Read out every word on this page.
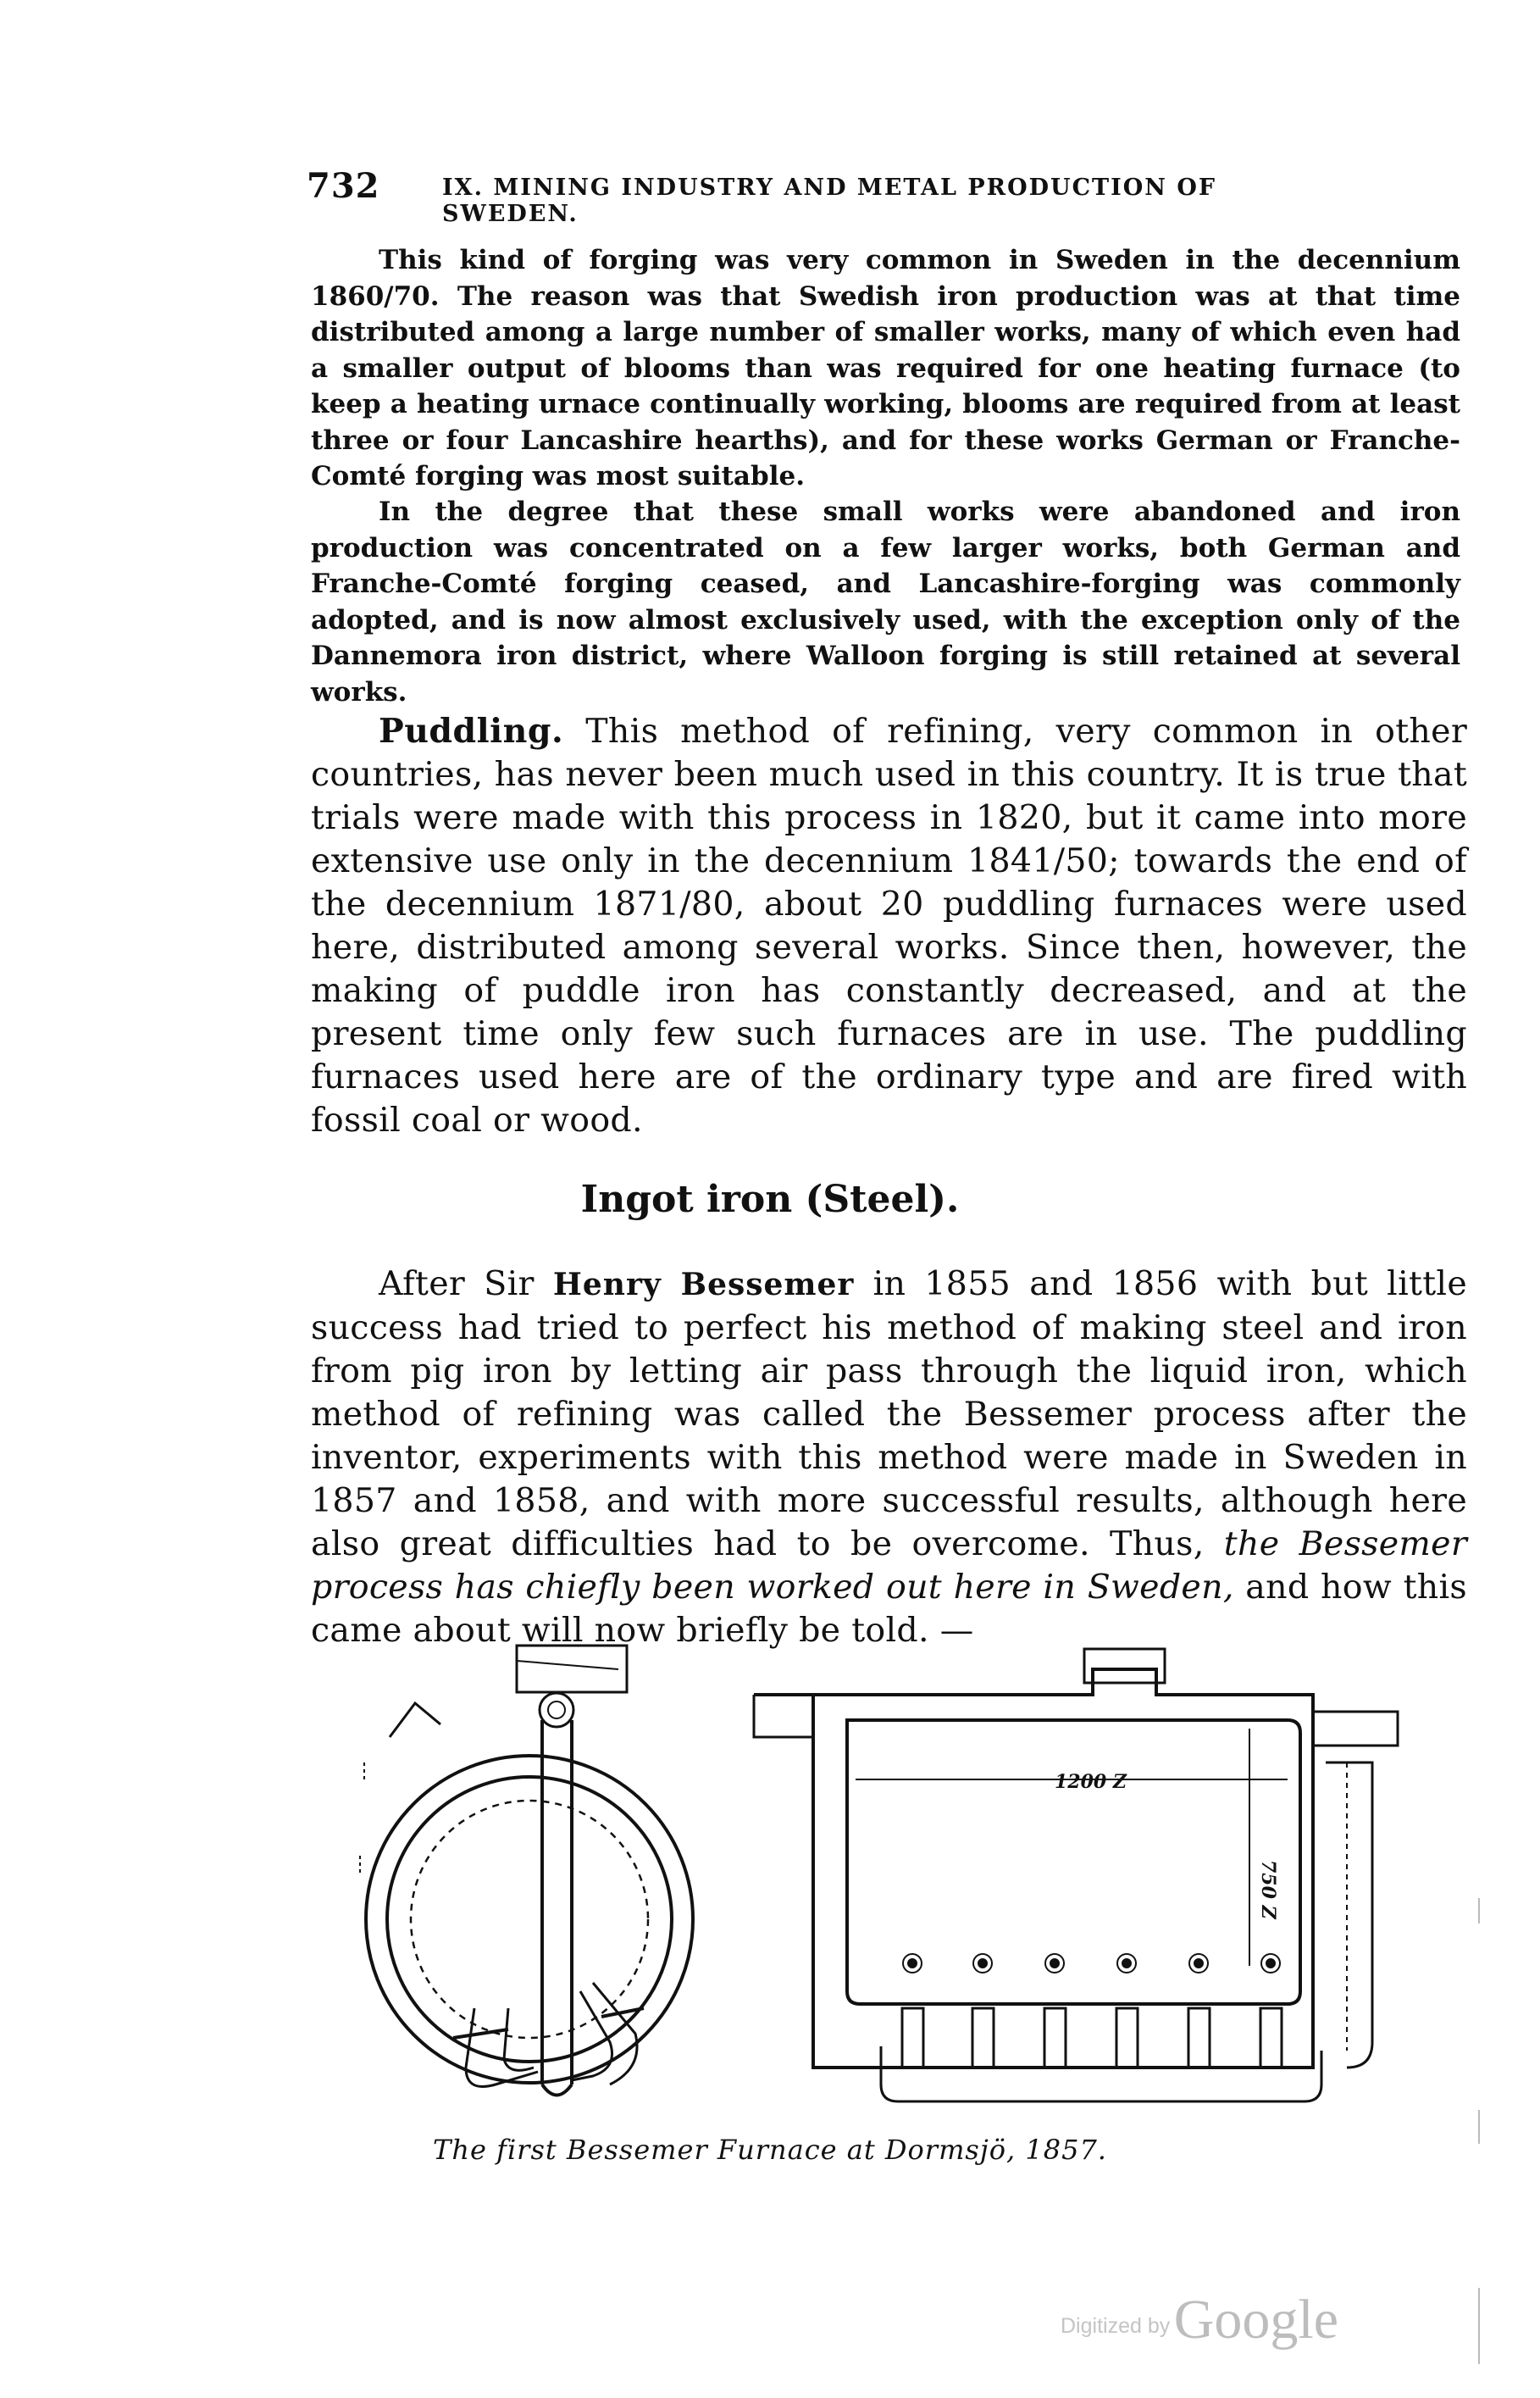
732	IX. MINING INDUSTRY AND METAL PRODUCTION OF SWEDEN.

This kind of forging was very common in Sweden in the decennium 1860/70. The reason was that Swedish iron production was at that time distributed among a large number of smaller works, many of which even had a smaller output of blooms than was required for one heating furnace (to keep a heating urnace continually working, blooms are required from at least three or four Lancashire hearths), and for these works German or Franche-Comté forging was most suitable.

In the degree that these small works were abandoned and iron production was concentrated on a few larger works, both German and Franche-Comté forging ceased, and Lancashire-forging was commonly adopted, and is now almost exclusively used, with the exception only of the Dannemora iron district, where Walloon forging is still retained at several works.

Puddling. This method of refining, very common in other countries, has never been much used in this country. It is true that trials were made with this process in 1820, but it came into more extensive use only in the decennium 1841/50; towards the end of the decennium 1871/80, about 20 puddling furnaces were used here, distributed among several works. Since then, however, the making of puddle iron has constantly decreased, and at the present time only few such furnaces are in use. The puddling furnaces used here are of the ordinary type and are fired with fossil coal or wood.

Ingot iron (Steel).

After Sir Henry Bessemer in 1855 and 1856 with but little success had tried to perfect his method of making steel and iron from pig iron by letting air pass through the liquid iron, which method of refining was called the Bessemer process after the inventor, experiments with this method were made in Sweden in 1857 and 1858, and with more successful results, although here also great difficulties had to be overcome. Thus, the Bessemer process has chiefly been worked out here in Sweden, and how this came about will now briefly be told. —

1200 Z
750 Z

The first Bessemer Furnace at Dormsjö, 1857.

Digitized by Google
